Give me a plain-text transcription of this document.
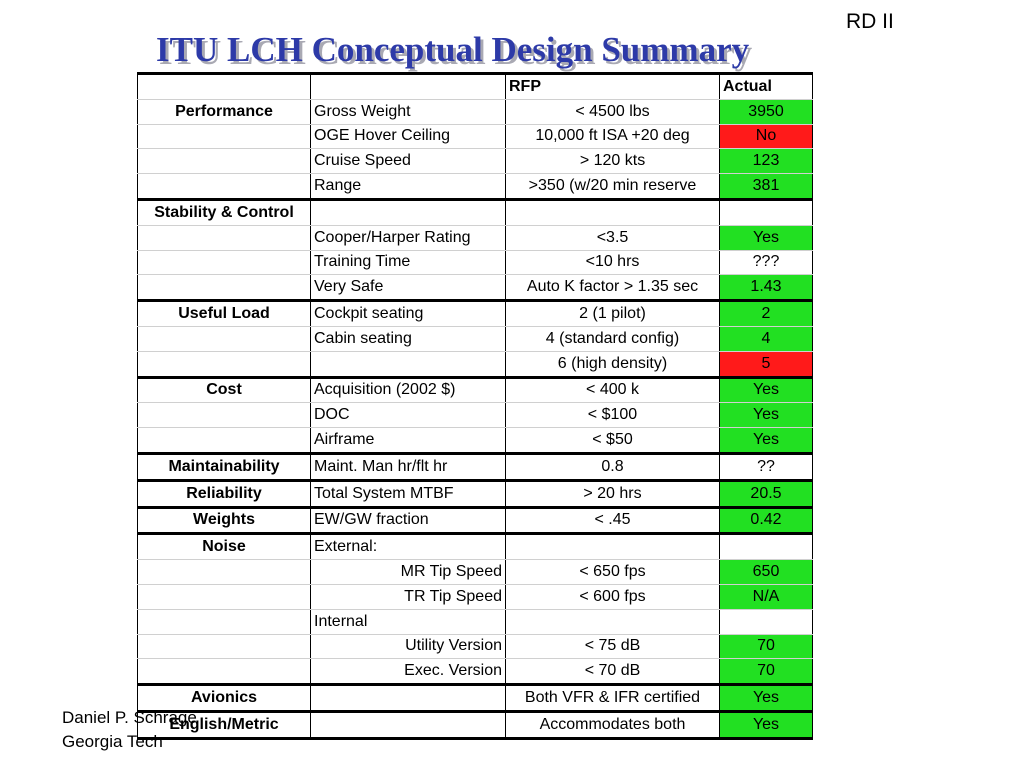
RD II
ITU LCH Conceptual Design Summary
		RFP	Actual
Performance	Gross Weight	< 4500 lbs	3950
	OGE Hover Ceiling	10,000 ft ISA +20 deg	No
	Cruise Speed	> 120 kts	123
	Range	>350 (w/20 min reserve	381
Stability & Control			
	Cooper/Harper Rating	<3.5	Yes
	Training Time	<10 hrs	???
	Very Safe	Auto K factor > 1.35 sec	1.43
Useful Load	Cockpit seating	2 (1 pilot)	2
	Cabin seating	4 (standard config)	4
		6 (high density)	5
Cost	Acquisition (2002 $)	< 400 k	Yes
	DOC	< $100	Yes
	Airframe	< $50	Yes
Maintainability	Maint. Man hr/flt hr	0.8	??
Reliability	Total System MTBF	> 20 hrs	20.5
Weights	EW/GW fraction	< .45	0.42
Noise	External:		
	MR Tip Speed	< 650 fps	650
	TR Tip Speed	< 600 fps	N/A
	Internal		
	Utility Version	< 75 dB	70
	Exec. Version	< 70 dB	70
Avionics		Both VFR & IFR certified	Yes
English/Metric		Accommodates both	Yes
Daniel P. Schrage
Georgia Tech
